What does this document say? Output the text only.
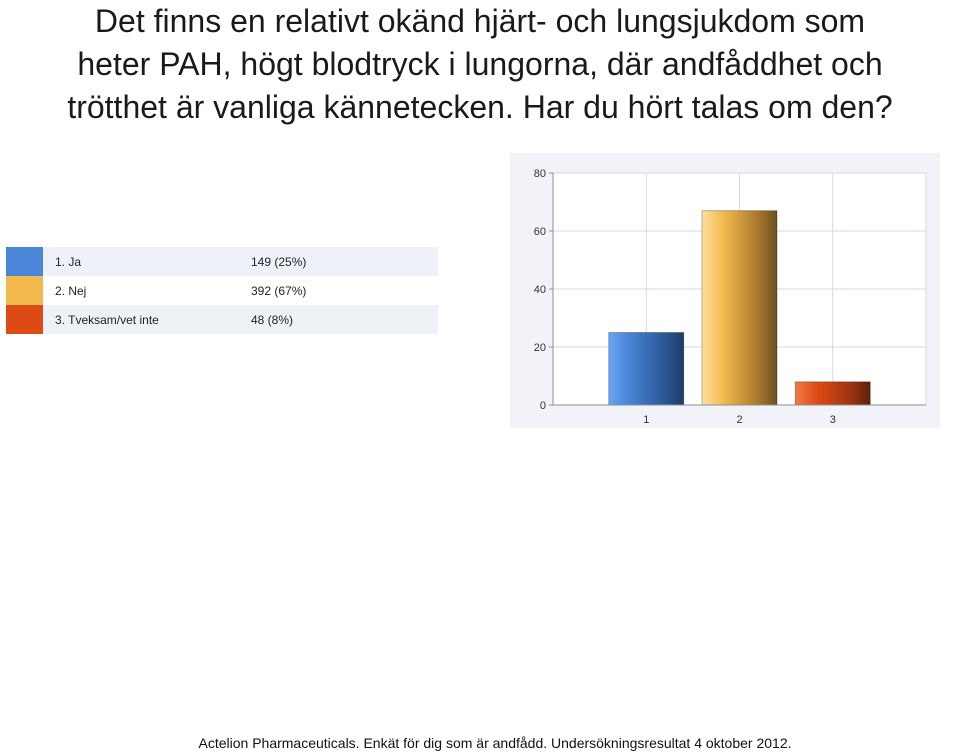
Det finns en relativt okänd hjärt- och lungsjukdom som
heter PAH, högt blodtryck i lungorna, där andfåddhet och
trötthet är vanliga kännetecken. Har du hört talas om den?
1. Ja	149 (25%)
2. Nej	392 (67%)
3. Tveksam/vet inte	48 (8%)
0
20
40
60
80
1	2	3
Actelion Pharmaceuticals. Enkät för dig som är andfådd. Undersökningsresultat 4 oktober 2012.
